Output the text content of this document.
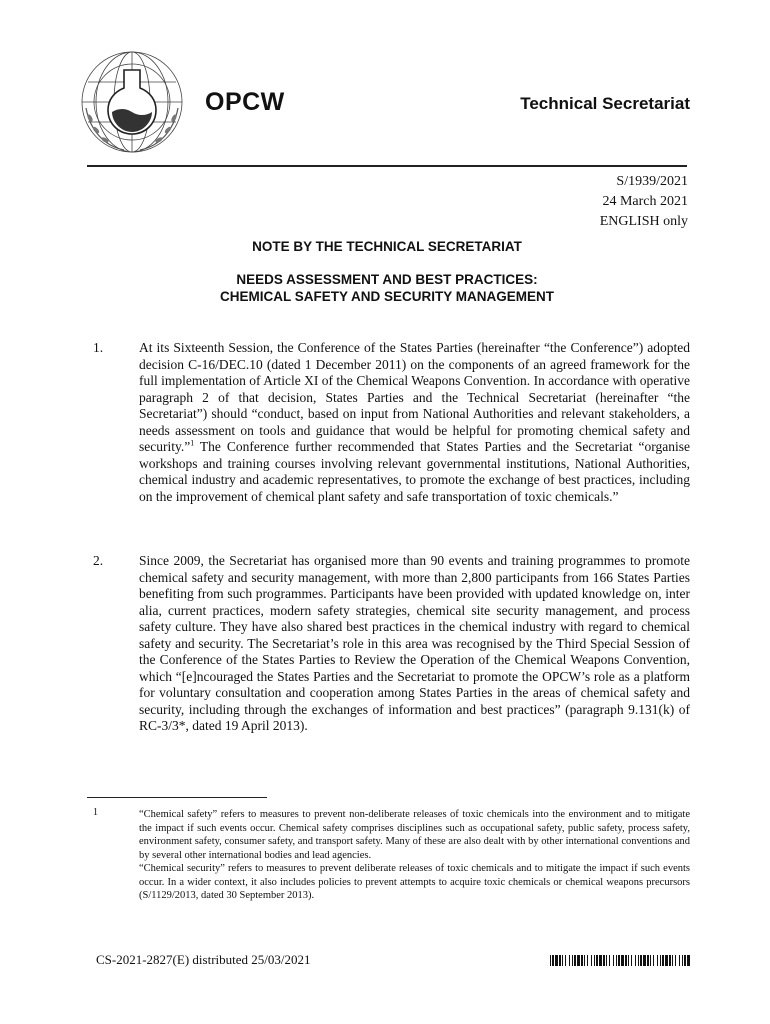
OPCW	Technical Secretariat
S/1939/2021
24 March 2021
ENGLISH only
NOTE BY THE TECHNICAL SECRETARIAT
NEEDS ASSESSMENT AND BEST PRACTICES:
CHEMICAL SAFETY AND SECURITY MANAGEMENT
1.	At its Sixteenth Session, the Conference of the States Parties (hereinafter “the Conference”) adopted decision C-16/DEC.10 (dated 1 December 2011) on the components of an agreed framework for the full implementation of Article XI of the Chemical Weapons Convention. In accordance with operative paragraph 2 of that decision, States Parties and the Technical Secretariat (hereinafter “the Secretariat”) should “conduct, based on input from National Authorities and relevant stakeholders, a needs assessment on tools and guidance that would be helpful for promoting chemical safety and security.”$^1$ The Conference further recommended that States Parties and the Secretariat “organise workshops and training courses involving relevant governmental institutions, National Authorities, chemical industry and academic representatives, to promote the exchange of best practices, including on the improvement of chemical plant safety and safe transportation of toxic chemicals.”
2.	Since 2009, the Secretariat has organised more than 90 events and training programmes to promote chemical safety and security management, with more than 2,800 participants from 166 States Parties benefiting from such programmes. Participants have been provided with updated knowledge on, inter alia, current practices, modern safety strategies, chemical site security management, and process safety culture. They have also shared best practices in the chemical industry with regard to chemical safety and security. The Secretariat’s role in this area was recognised by the Third Special Session of the Conference of the States Parties to Review the Operation of the Chemical Weapons Convention, which “[e]ncouraged the States Parties and the Secretariat to promote the OPCW’s role as a platform for voluntary consultation and cooperation among States Parties in the areas of chemical safety and security, including through the exchanges of information and best practices” (paragraph 9.131(k) of RC-3/3*, dated 19 April 2013).
1	“Chemical safety” refers to measures to prevent non-deliberate releases of toxic chemicals into the environment and to mitigate the impact if such events occur. Chemical safety comprises disciplines such as occupational safety, public safety, process safety, environment safety, consumer safety, and transport safety. Many of these are also dealt with by other international conventions and by several other international bodies and lead agencies.

“Chemical security” refers to measures to prevent deliberate releases of toxic chemicals and to mitigate the impact if such events occur. In a wider context, it also includes policies to prevent attempts to acquire toxic chemicals or chemical weapons precursors (S/1129/2013, dated 30 September 2013).

CS-2021-2827(E) distributed 25/03/2021
